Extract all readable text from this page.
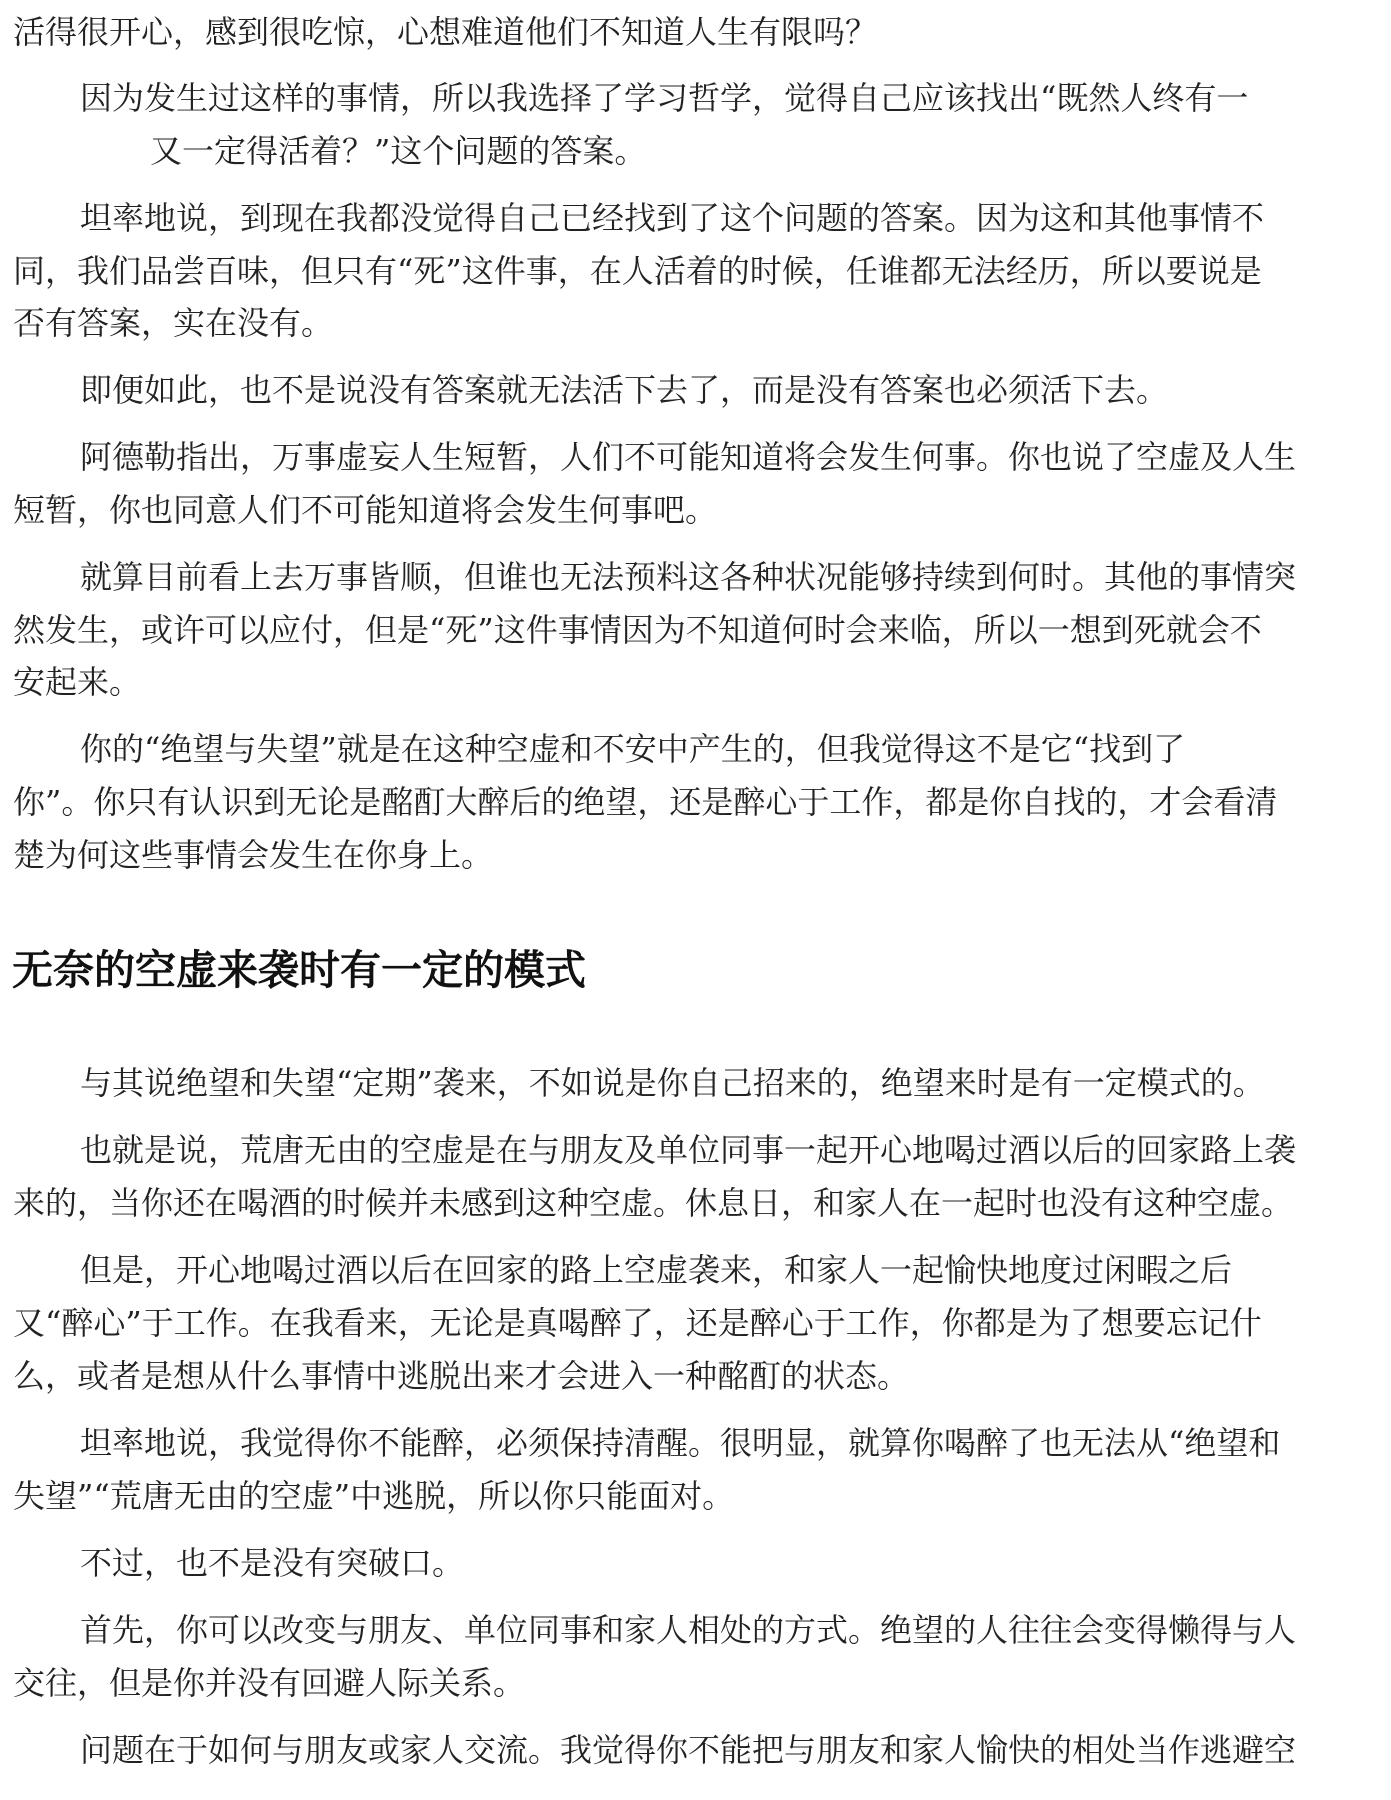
活得很开心，感到很吃惊，心想难道他们不知道人生有限吗？

因为发生过这样的事情，所以我选择了学习哲学，觉得自己应该找出“既然人终有一

又一定得活着？”这个问题的答案。

坦率地说，到现在我都没觉得自己已经找到了这个问题的答案。因为这和其他事情不

同，我们品尝百味，但只有“死”这件事，在人活着的时候，任谁都无法经历，所以要说是

否有答案，实在没有。

即便如此，也不是说没有答案就无法活下去了，而是没有答案也必须活下去。

阿德勒指出，万事虚妄人生短暂，人们不可能知道将会发生何事。你也说了空虚及人生

短暂，你也同意人们不可能知道将会发生何事吧。

就算目前看上去万事皆顺，但谁也无法预料这各种状况能够持续到何时。其他的事情突

然发生，或许可以应付，但是“死”这件事情因为不知道何时会来临，所以一想到死就会不

安起来。

你的“绝望与失望”就是在这种空虚和不安中产生的，但我觉得这不是它“找到了

你”。你只有认识到无论是酩酊大醉后的绝望，还是醉心于工作，都是你自找的，才会看清

楚为何这些事情会发生在你身上。

无奈的空虚来袭时有一定的模式

与其说绝望和失望“定期”袭来，不如说是你自己招来的，绝望来时是有一定模式的。

也就是说，荒唐无由的空虚是在与朋友及单位同事一起开心地喝过酒以后的回家路上袭

来的，当你还在喝酒的时候并未感到这种空虚。休息日，和家人在一起时也没有这种空虚。

但是，开心地喝过酒以后在回家的路上空虚袭来，和家人一起愉快地度过闲暇之后

又“醉心”于工作。在我看来，无论是真喝醉了，还是醉心于工作，你都是为了想要忘记什

么，或者是想从什么事情中逃脱出来才会进入一种酩酊的状态。

坦率地说，我觉得你不能醉，必须保持清醒。很明显，就算你喝醉了也无法从“绝望和

失望”“荒唐无由的空虚”中逃脱，所以你只能面对。

不过，也不是没有突破口。

首先，你可以改变与朋友、单位同事和家人相处的方式。绝望的人往往会变得懒得与人

交往，但是你并没有回避人际关系。

问题在于如何与朋友或家人交流。我觉得你不能把与朋友和家人愉快的相处当作逃避空
